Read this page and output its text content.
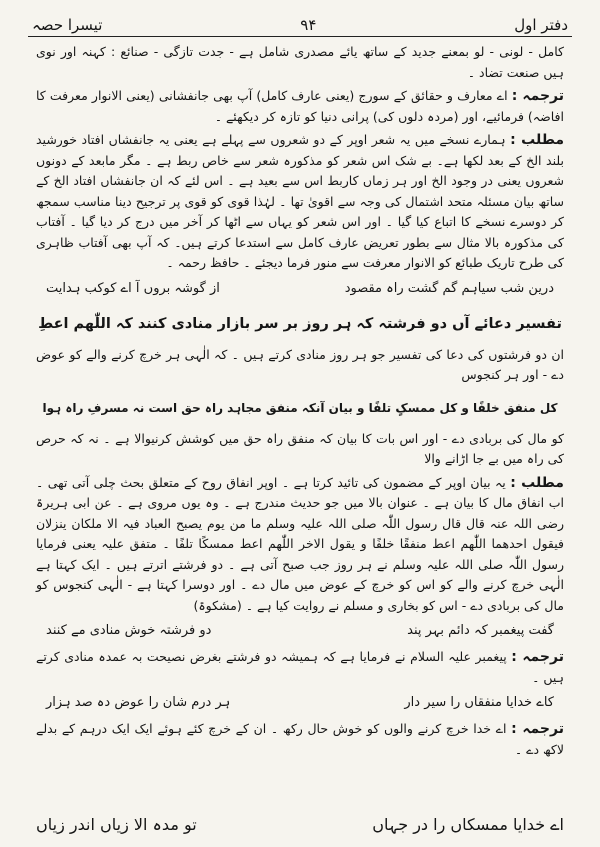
دفتر اول
۹۴
تیسرا حصہ

کامل - لونی - لو بمعنے جدید کے ساتھ یائے مصدری شامل ہے - جدت تازگی - صنائع : کہنہ اور نوی ہیں صنعت تضاد ۔

ترجمہ : اے معارف و حقائق کے سورج (یعنی عارف کامل) آپ بھی جانفشانی (یعنی الانوار معرفت کا افاضہ) فرمائیے، اور (مردہ دلوں کی) پرانی دنیا کو تازہ کر دیکھئے ۔

مطلب : ہمارے نسخے میں یہ شعر اوپر کے دو شعروں سے پہلے ہے یعنی یہ جانفشاں افتاد خورشید بلند الخ کے بعد لکھا ہے۔ بے شک اس شعر کو مذکورہ شعر سے خاص ربط ہے ۔ مگر مابعد کے دونوں شعروں یعنی در وجود الخ اور ہر زماں کاربط اس سے بعید ہے ۔ اس لئے کہ ان جانفشاں افتاد الخ کے ساتھ بیان مسئلہ متحد اشتمال کی وجہ سے اقویٰ تھا ۔ لہٰذا قوی کو قوی پر ترجیح دینا مناسب سمجھ کر دوسرے نسخے کا اتباع کیا گیا ۔ اور اس شعر کو یہاں سے اٹھا کر آخر میں درج کر دیا گیا ۔ آفتاب کی مذکورہ بالا مثال سے بطور تعریض عارف کامل سے استدعا کرتے ہیں۔ کہ آپ بھی آفتاب ظاہری کی طرح تاریک طبائع کو الانوار معرفت سے منور فرما دیجئے ۔ حافظ رحمہ ۔

درین شب سیاہم گم گشت راہ مقصود
از گوشہ بروں آ اے کوکب ہدایت
تفسیر دعائے آں دو فرشتہ کہ ہر روز بر سر بازار منادی کنند کہ اللّٰھم اعطِ

ان دو فرشتوں کی دعا کی تفسیر جو ہر روز منادی کرتے ہیں ۔ کہ الٰہی ہر خرچ کرنے والے کو عوض دے - اور ہر کنجوس

کل منفق خلفًا و کل ممسکٍ تلفًا و بیان آنکہ منفق مجاہد راہ حق است نہ مسرفِ راہ ہوا

کو مال کی بربادی دے - اور اس بات کا بیان کہ منفق راہ حق میں کوشش کرنیوالا ہے ۔ نہ کہ حرص کی راہ میں بے جا اڑانے والا

مطلب : یہ بیان اوپر کے مضمون کی تائید کرتا ہے ۔ اوپر انفاق روح کے متعلق بحث چلی آتی تھی ۔ اب انفاق مال کا بیان ہے ۔ عنوان بالا میں جو حدیث مندرج ہے ۔ وہ یوں مروی ہے ۔ عن ابی ہریرۃ رضی اللہ عنہ قال قال رسول اللّٰہ صلی اللہ علیہ وسلم ما من یوم یصبح العباد فیہ الا ملکان ینزلان فیقول احدھما اللّٰھم اعط منفقًا خلفًا و یقول الاخر اللّٰھم اعط ممسکًا تلفًا ۔ متفق علیہ یعنی فرمایا رسول اللّٰہ صلی اللہ علیہ وسلم نے ہر روز جب صبح آتی ہے ۔ دو فرشتے اترتے ہیں ۔ ایک کہتا ہے الٰہی خرچ کرنے والے کو اس کو خرچ کے عوض میں مال دے ۔ اور دوسرا کہتا ہے - الٰہی کنجوس کو مال کی بربادی دے - اس کو بخاری و مسلم نے روایت کیا ہے ۔ (مشکوۃ)

گفت پیغمبر کہ دائم بہر پند
دو فرشتہ خوش منادی مے کنند

ترجمہ : پیغمبر علیہ السلام نے فرمایا ہے کہ ہمیشہ دو فرشتے بغرض نصیحت بہ عمدہ منادی کرتے ہیں ۔

کاے خدایا منفقاں را سیر دار
ہر درم شان را عوض دہ صد ہزار

ترجمہ : اے خدا خرچ کرنے والوں کو خوش حال رکھ ۔ ان کے خرچ کئے ہوئے ایک ایک درہم کے بدلے لاکھ دے ۔

اے خدایا ممسکاں را در جہاں
تو مدہ الا زیاں اندر زیاں
